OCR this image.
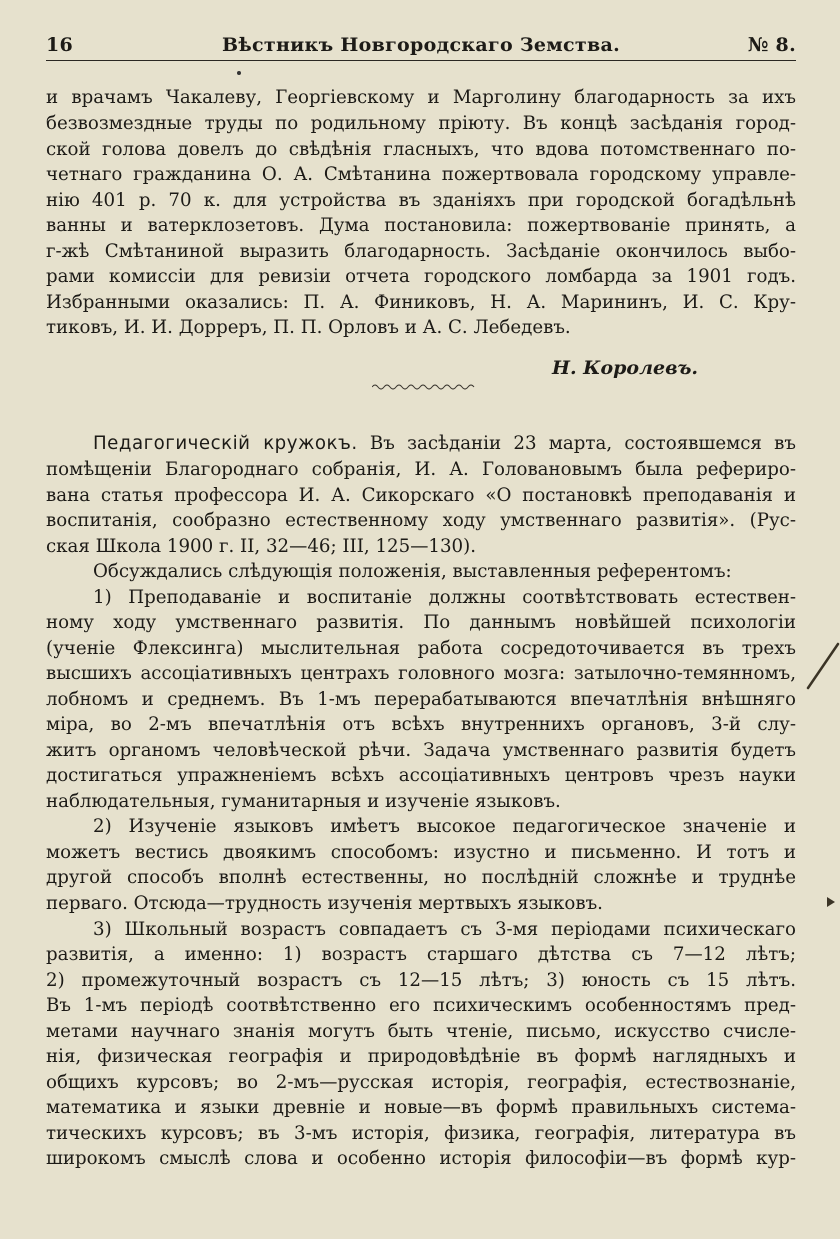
16	Вѣстникъ Новгородскаго Земства.	№ 8.
и врачамъ Чакалеву, Георгіевскому и Марголину благодарность за ихъ
безвозмездные труды по родильному пріюту. Въ концѣ засѣданія город-
ской голова довелъ до свѣдѣнія гласныхъ, что вдова потомственнаго по-
четнаго гражданина О. А. Смѣтанина пожертвовала городскому управле-
нію 401 р. 70 к. для устройства въ зданіяхъ при городской богадѣльнѣ
ванны и ватерклозетовъ. Дума постановила: пожертвованіе принять, а
г-жѣ Смѣтаниной выразить благодарность. Засѣданіе окончилось выбо-
рами комиссіи для ревизіи отчета городского ломбарда за 1901 годъ.
Избранными оказались: П. А. Финиковъ, Н. А. Марининъ, И. С. Кру-
тиковъ, И. И. Дорреръ, П. П. Орловъ и А. С. Лебедевъ.
Н. Королевъ.
Педагогическій кружокъ. Въ засѣданіи 23 марта, состоявшемся въ
помѣщеніи Благороднаго собранія, И. А. Головановымъ была рефериро-
вана статья профессора И. А. Сикорскаго «О постановкѣ преподаванія и
воспитанія, сообразно естественному ходу умственнаго развитія». (Рус-
ская Школа 1900 г. II, 32—46; III, 125—130).
Обсуждались слѣдующія положенія, выставленныя референтомъ:
1) Преподаваніе и воспитаніе должны соотвѣтствовать естествен-
ному ходу умственнаго развитія. По даннымъ новѣйшей психологіи
(ученіе Флексинга) мыслительная работа сосредоточивается въ трехъ
высшихъ ассоціативныхъ центрахъ головного мозга: затылочно-темянномъ,
лобномъ и среднемъ. Въ 1-мъ перерабатываются впечатлѣнія внѣшняго
міра, во 2-мъ впечатлѣнія отъ всѣхъ внутреннихъ органовъ, 3-й слу-
житъ органомъ человѣческой рѣчи. Задача умственнаго развитія будетъ
достигаться упражненіемъ всѣхъ ассоціативныхъ центровъ чрезъ науки
наблюдательныя, гуманитарныя и изученіе языковъ.
2) Изученіе языковъ имѣетъ высокое педагогическое значеніе и
можетъ вестись двоякимъ способомъ: изустно и письменно. И тотъ и
другой способъ вполнѣ естественны, но послѣдній сложнѣе и труднѣе
перваго. Отсюда—трудность изученія мертвыхъ языковъ.
3) Школьный возрастъ совпадаетъ съ 3-мя періодами психическаго
развитія, а именно: 1) возрастъ старшаго дѣтства съ 7—12 лѣтъ;
2) промежуточный возрастъ съ 12—15 лѣтъ; 3) юность съ 15 лѣтъ.
Въ 1-мъ періодѣ соотвѣтственно его психическимъ особенностямъ пред-
метами научнаго знанія могутъ быть чтеніе, письмо, искусство счисле-
нія, физическая географія и природовѣдѣніе въ формѣ наглядныхъ и
общихъ курсовъ; во 2-мъ—русская исторія, географія, естествознаніе,
математика и языки древніе и новые—въ формѣ правильныхъ система-
тическихъ курсовъ; въ 3-мъ исторія, физика, географія, литература въ
широкомъ смыслѣ слова и особенно исторія философіи—въ формѣ кур-
